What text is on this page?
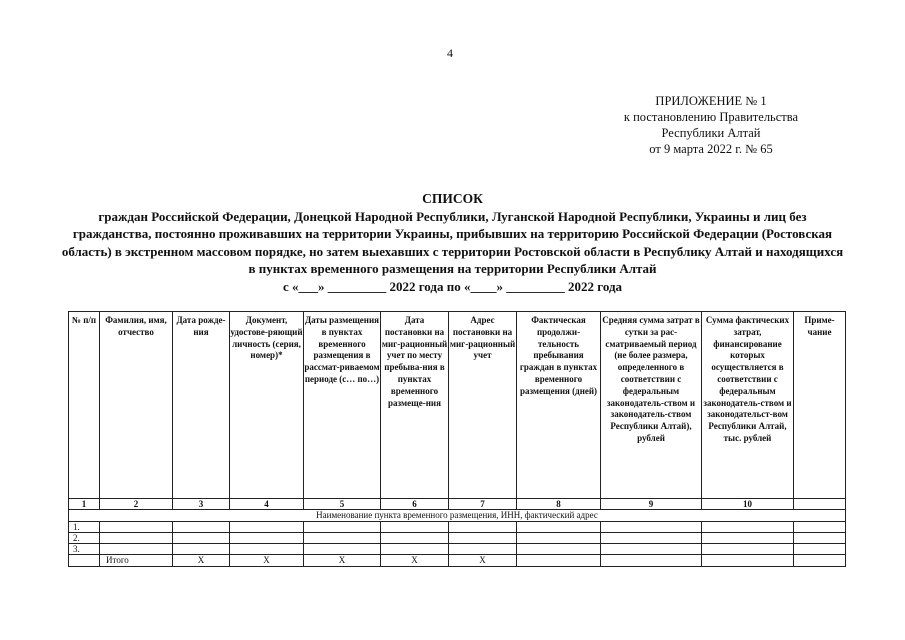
4
ПРИЛОЖЕНИЕ № 1
к постановлению Правительства
Республики Алтай
от 9 марта 2022 г. № 65
СПИСОК
граждан Российской Федерации, Донецкой Народной Республики, Луганской Народной Республики, Украины и лиц без гражданства, постоянно проживавших на территории Украины, прибывших на территорию Российской Федерации (Ростовская область) в экстренном массовом порядке, но затем выехавших с территории Ростовской области в Республику Алтай и находящихся в пунктах временного размещения на территории Республики Алтай
с «___» _________ 2022 года по «____» _________ 2022 года
№ п/п	Фамилия, имя, отчество	Дата рожде-ния	Документ, удостове-ряющий личность (серия, номер)*	Даты размещения в пунктах временного размещения в рассмат-риваемом периоде (с… по…)	Дата постановки на миг-рационный учет по месту пребыва-ния в пунктах временного размеще-ния	Адрес постановки на миг-рационный учет	Фактическая продолжи-тельность пребывания граждан в пунктах временного размещения (дней)	Средняя сумма затрат в сутки за рас-сматриваемый период (не более размера, определенного в соответствии с федеральным законодатель-ством и законодатель-ством Республики Алтай), рублей	Сумма фактических затрат, финансирование которых осуществляется в соответствии с федеральным законодатель-ством и законодательст-вом Республики Алтай, тыс. рублей	Приме-чание
1	2	3	4	5	6	7	8	9	10	
Наименование пункта временного размещения, ИНН, фактический адрес										
1.										
2.										
3.										
	Итого	Х	Х	Х	Х	Х				
